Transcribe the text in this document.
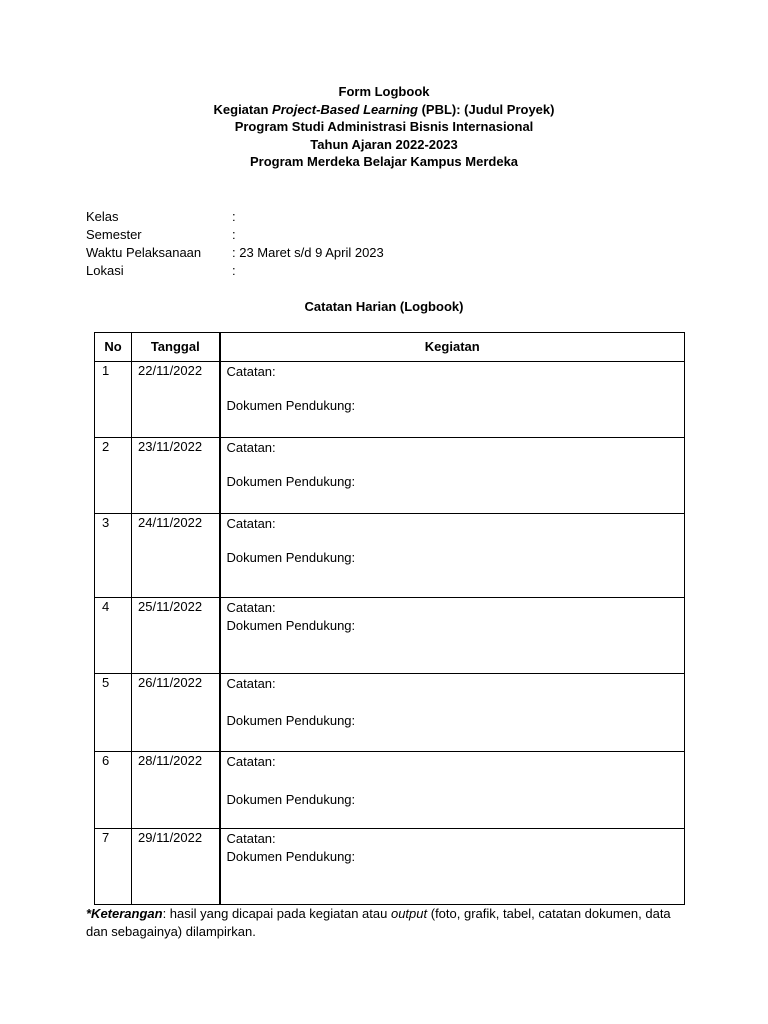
Form Logbook
Kegiatan Project-Based Learning (PBL): (Judul Proyek)
Program Studi Administrasi Bisnis Internasional
Tahun Ajaran 2022-2023
Program Merdeka Belajar Kampus Merdeka
Kelas	:
Semester	:
Waktu Pelaksanaan : 23 Maret s/d 9 April 2023
Lokasi	:
Catatan Harian (Logbook)
No	Tanggal	Kegiatan
1	22/11/2022	Catatan:
Dokumen Pendukung:

2	23/11/2022	Catatan:
Dokumen Pendukung:

3	24/11/2022	Catatan:
Dokumen Pendukung:

4	25/11/2022	Catatan:
Dokumen Pendukung:

5	26/11/2022	Catatan:
Dokumen Pendukung:

6	28/11/2022	Catatan:
Dokumen Pendukung:

7	29/11/2022	Catatan:
Dokumen Pendukung:
*Keterangan: hasil yang dicapai pada kegiatan atau output (foto, grafik, tabel, catatan dokumen, data dan sebagainya) dilampirkan.
